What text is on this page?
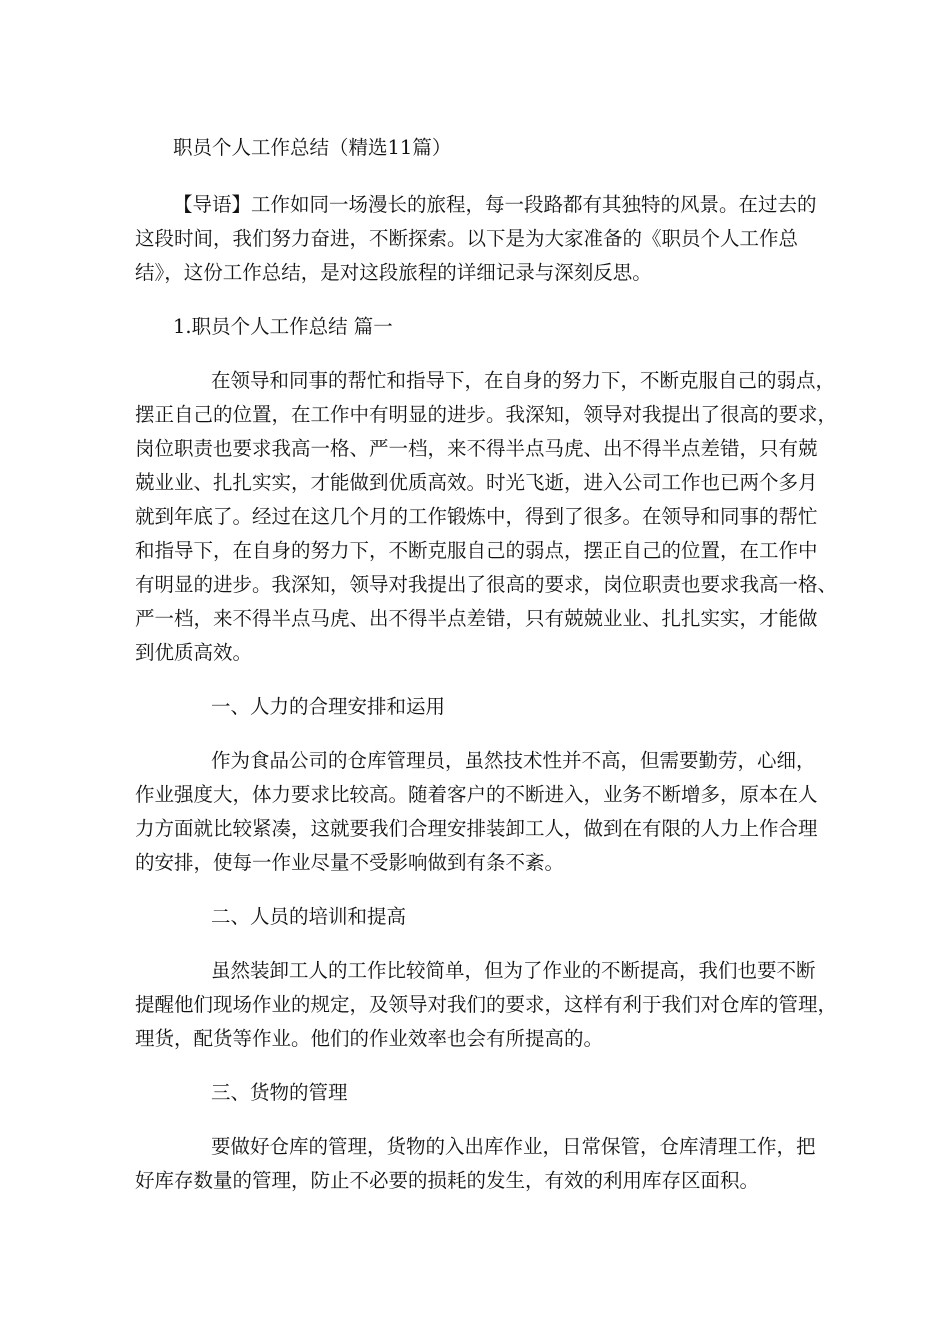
职员个人工作总结（精选11篇）
【导语】工作如同一场漫长的旅程，每一段路都有其独特的风景。在过去的
这段时间，我们努力奋进，不断探索。以下是为大家准备的《职员个人工作总
结》，这份工作总结，是对这段旅程的详细记录与深刻反思。
1.职员个人工作总结 篇一
在领导和同事的帮忙和指导下，在自身的努力下，不断克服自己的弱点，
摆正自己的位置，在工作中有明显的进步。我深知，领导对我提出了很高的要求，
岗位职责也要求我高一格、严一档，来不得半点马虎、出不得半点差错，只有兢
兢业业、扎扎实实，才能做到优质高效。时光飞逝，进入公司工作也已两个多月
就到年底了。经过在这几个月的工作锻炼中，得到了很多。在领导和同事的帮忙
和指导下，在自身的努力下，不断克服自己的弱点，摆正自己的位置，在工作中
有明显的进步。我深知，领导对我提出了很高的要求，岗位职责也要求我高一格、
严一档，来不得半点马虎、出不得半点差错，只有兢兢业业、扎扎实实，才能做
到优质高效。
一、人力的合理安排和运用
作为食品公司的仓库管理员，虽然技术性并不高，但需要勤劳，心细，
作业强度大，体力要求比较高。随着客户的不断进入，业务不断增多，原本在人
力方面就比较紧凑，这就要我们合理安排装卸工人，做到在有限的人力上作合理
的安排，使每一作业尽量不受影响做到有条不紊。
二、人员的培训和提高
虽然装卸工人的工作比较简单，但为了作业的不断提高，我们也要不断
提醒他们现场作业的规定，及领导对我们的要求，这样有利于我们对仓库的管理，
理货，配货等作业。他们的作业效率也会有所提高的。
三、货物的管理
要做好仓库的管理，货物的入出库作业，日常保管，仓库清理工作，把
好库存数量的管理，防止不必要的损耗的发生，有效的利用库存区面积。
